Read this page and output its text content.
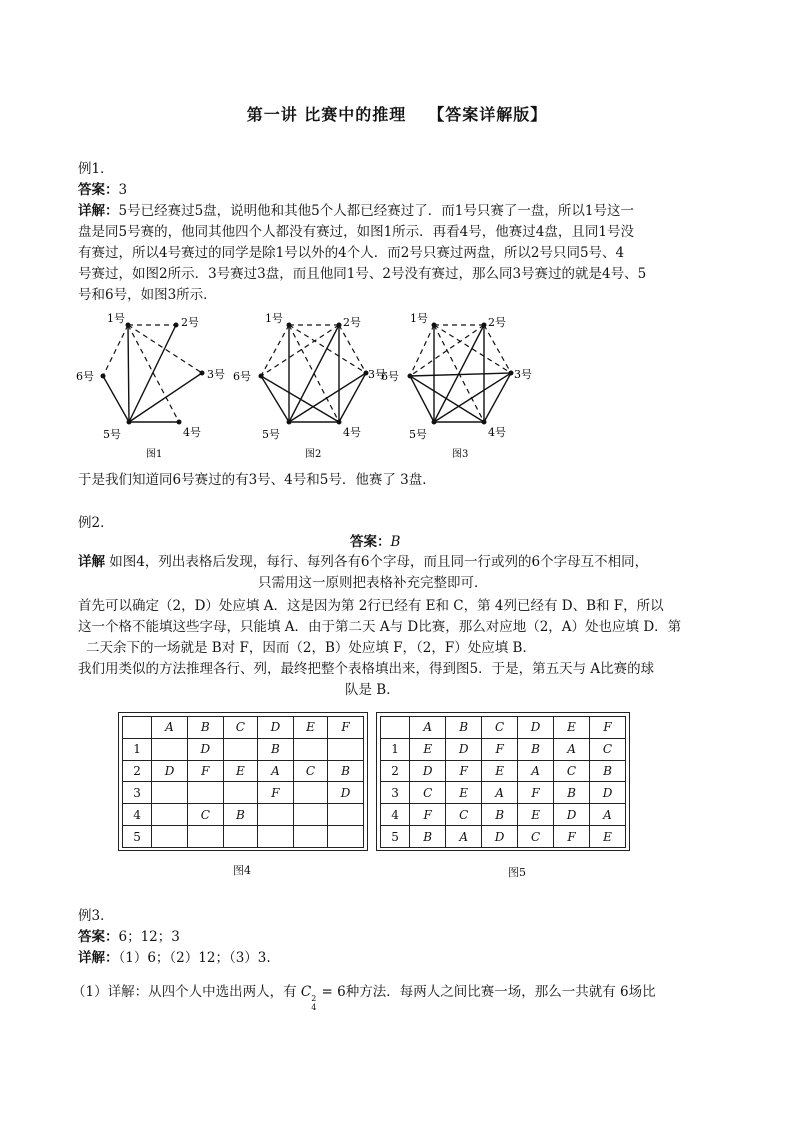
第一讲 比赛中的推理 【答案详解版】
例1．
答案：3
详解：5号已经赛过5盘，说明他和其他5个人都已经赛过了．而1号只赛了一盘，所以1号这一
盘是同5号赛的，他同其他四个人都没有赛过，如图1所示．再看4号，他赛过4盘，且同1号没
有赛过，所以4号赛过的同学是除1号以外的4个人．而2号只赛过两盘，所以2号只同5号、4
号赛过，如图2所示．3号赛过3盘，而且他同1号、2号没有赛过，那么同3号赛过的就是4号、5
号和6号，如图3所示．
1号	2号
3号
4号
5号
6号
图1
1号	2号
3号
4号
5号
6号
图2
1号	2号
3号
4号
5号
6号
图3
于是我们知道同6号赛过的有3号、4号和5号．他赛了 3盘．
例2．
答案：B
详解 如图4，列出表格后发现，每行、每列各有6个字母，而且同一行或列的6个字母互不相同，
只需用这一原则把表格补充完整即可．
首先可以确定（2，D）处应填 A．这是因为第 2行已经有 E和 C，第 4列已经有 D、B和 F，所以
这一个格不能填这些字母，只能填 A．由于第二天 A与 D比赛，那么对应地（2，A）处也应填 D．第
二天余下的一场就是 B对 F，因而（2，B）处应填 F，（2，F）处应填 B．
我们用类似的方法推理各行、列，最终把整个表格填出来，得到图5．于是，第五天与 A比赛的球
队是 B．
	A	B	C	D	E	F
1		D		B		
2	D	F	E	A	C	B
3				F		D
4		C	B			
5						
图4
	A	B	C	D	E	F
1	E	D	F	B	A	C
2	D	F	E	A	C	B
3	C	E	A	F	B	D
4	F	C	B	E	D	A
5	B	A	D	C	F	E
图5
例3．
答案：6；12；3
详解：（1）6；（2）12；（3）3.
（1）详解：从四个人中选出两人，有 C 2
4
= 6种方法．每两人之间比赛一场，那么一共就有 6场比
